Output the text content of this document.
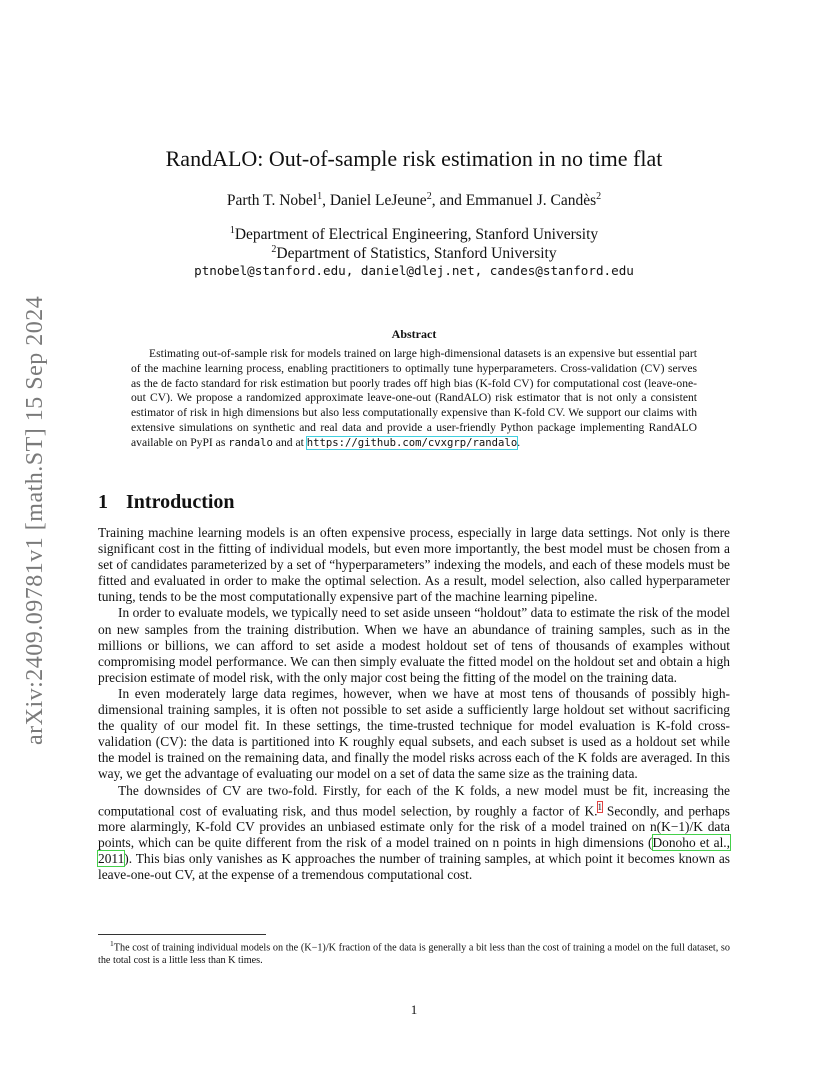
arXiv:2409.09781v1 [math.ST] 15 Sep 2024
RandALO: Out-of-sample risk estimation in no time flat
Parth T. Nobel$^1$, Daniel LeJeune$^2$, and Emmanuel J. Candès$^2$
$^1$Department of Electrical Engineering, Stanford University
$^2$Department of Statistics, Stanford University
ptnobel@stanford.edu, daniel@dlej.net, candes@stanford.edu
Abstract
Estimating out-of-sample risk for models trained on large high-dimensional datasets is an expensive but essential part of the machine learning process, enabling practitioners to optimally tune hyperparameters. Cross-validation (CV) serves as the de facto standard for risk estimation but poorly trades off high bias (K-fold CV) for computational cost (leave-one-out CV). We propose a randomized approximate leave-one-out (RandALO) risk estimator that is not only a consistent estimator of risk in high dimensions but also less computationally expensive than K-fold CV. We support our claims with extensive simulations on synthetic and real data and provide a user-friendly Python package implementing RandALO available on PyPI as randalo and at https://github.com/cvxgrp/randalo.
1 Introduction

Training machine learning models is an often expensive process, especially in large data settings. Not only is there significant cost in the fitting of individual models, but even more importantly, the best model must be chosen from a set of candidates parameterized by a set of “hyperparameters” indexing the models, and each of these models must be fitted and evaluated in order to make the optimal selection. As a result, model selection, also called hyperparameter tuning, tends to be the most computationally expensive part of the machine learning pipeline.

In order to evaluate models, we typically need to set aside unseen “holdout” data to estimate the risk of the model on new samples from the training distribution. When we have an abundance of training samples, such as in the millions or billions, we can afford to set aside a modest holdout set of tens of thousands of examples without compromising model performance. We can then simply evaluate the fitted model on the holdout set and obtain a high precision estimate of model risk, with the only major cost being the fitting of the model on the training data.

In even moderately large data regimes, however, when we have at most tens of thousands of possibly high-dimensional training samples, it is often not possible to set aside a sufficiently large holdout set without sacrificing the quality of our model fit. In these settings, the time-trusted technique for model evaluation is K-fold cross-validation (CV): the data is partitioned into K roughly equal subsets, and each subset is used as a holdout set while the model is trained on the remaining data, and finally the model risks across each of the K folds are averaged. In this way, we get the advantage of evaluating our model on a set of data the same size as the training data.

The downsides of CV are two-fold. Firstly, for each of the K folds, a new model must be fit, increasing the computational cost of evaluating risk, and thus model selection, by roughly a factor of K.$^1$ Secondly, and perhaps more alarmingly, K-fold CV provides an unbiased estimate only for the risk of a model trained on n(K−1)/K data points, which can be quite different from the risk of a model trained on n points in high dimensions (Donoho et al., 2011). This bias only vanishes as K approaches the number of training samples, at which point it becomes known as leave-one-out CV, at the expense of a tremendous computational cost.

$^1$The cost of training individual models on the (K−1)/K fraction of the data is generally a bit less than the cost of training a model on the full dataset, so the total cost is a little less than K times.
1
